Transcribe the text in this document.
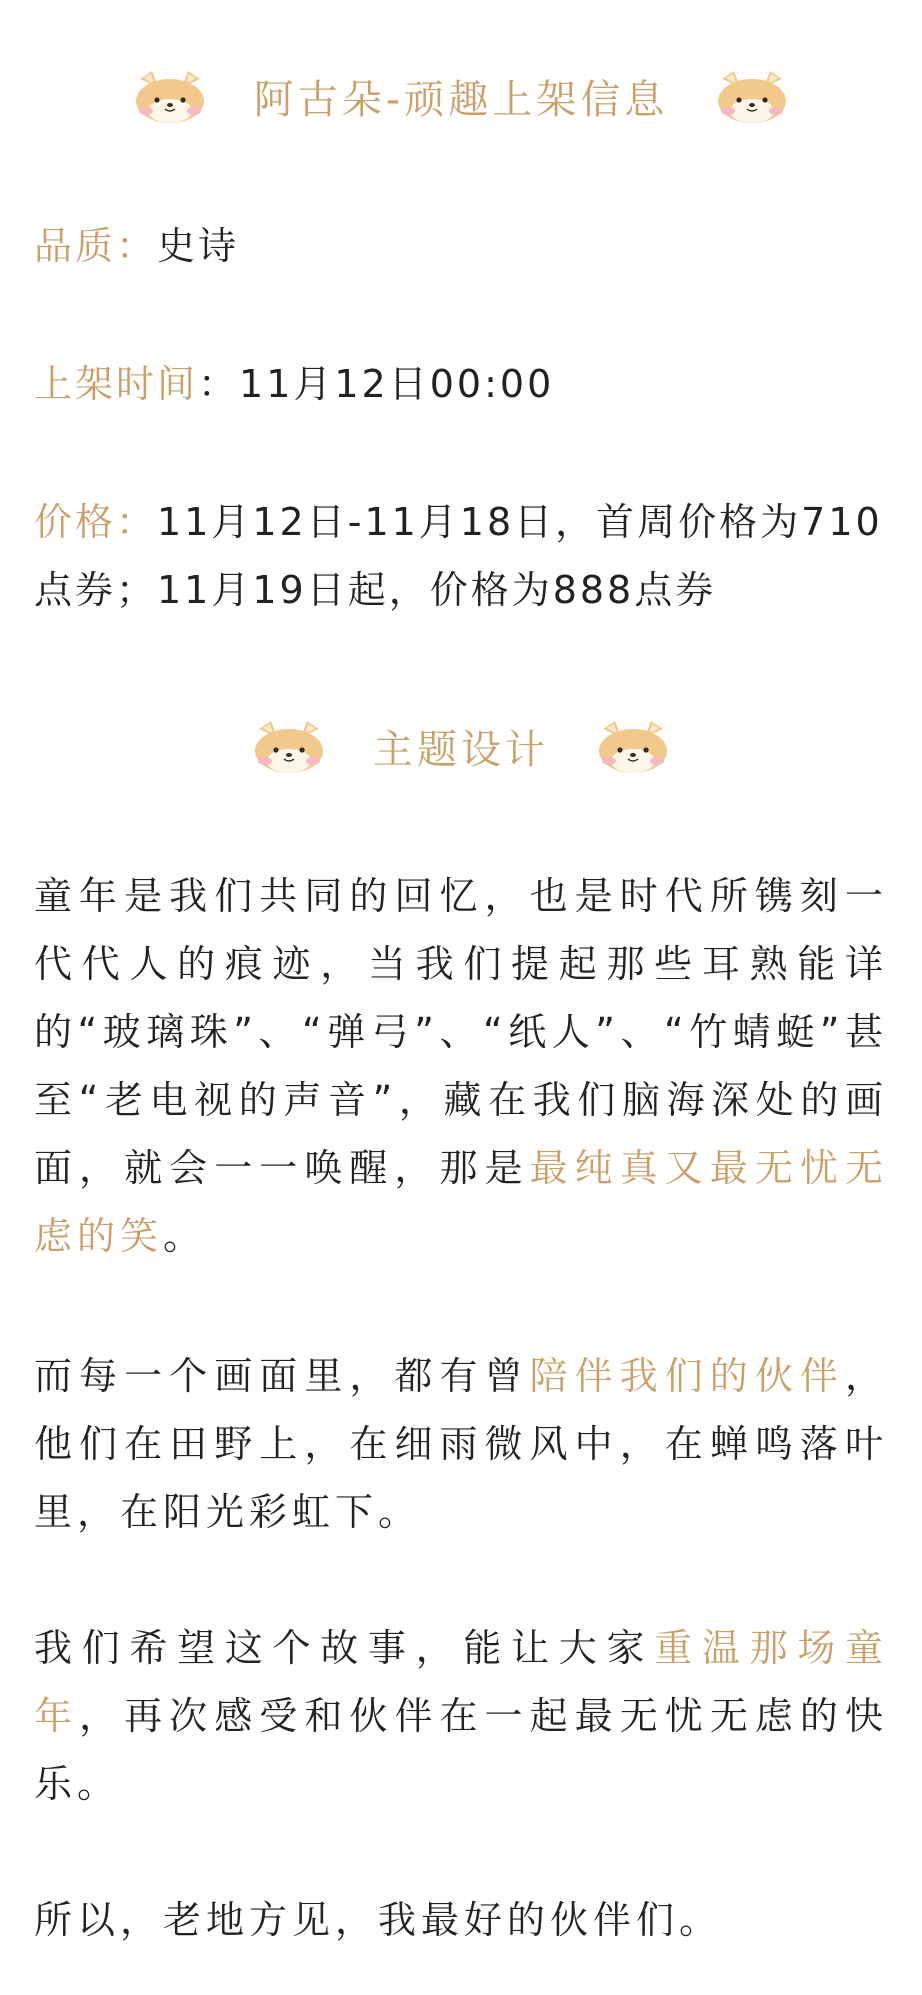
阿古朵-顽趣上架信息
品质：史诗
上架时间：11月12日00:00
价格：11月12日-11月18日，首周价格为710点券；11月19日起，价格为888点券
主题设计

童年是我们共同的回忆，也是时代所镌刻一代代人的痕迹，当我们提起那些耳熟能详的“玻璃珠”、“弹弓”、“纸人”、“竹蜻蜓”甚至“老电视的声音”，藏在我们脑海深处的画面，就会一一唤醒，那是最纯真又最无忧无虑的笑。

而每一个画面里，都有曾陪伴我们的伙伴，他们在田野上，在细雨微风中，在蝉鸣落叶里，在阳光彩虹下。

我们希望这个故事，能让大家重温那场童年，再次感受和伙伴在一起最无忧无虑的快乐。

所以，老地方见，我最好的伙伴们。
